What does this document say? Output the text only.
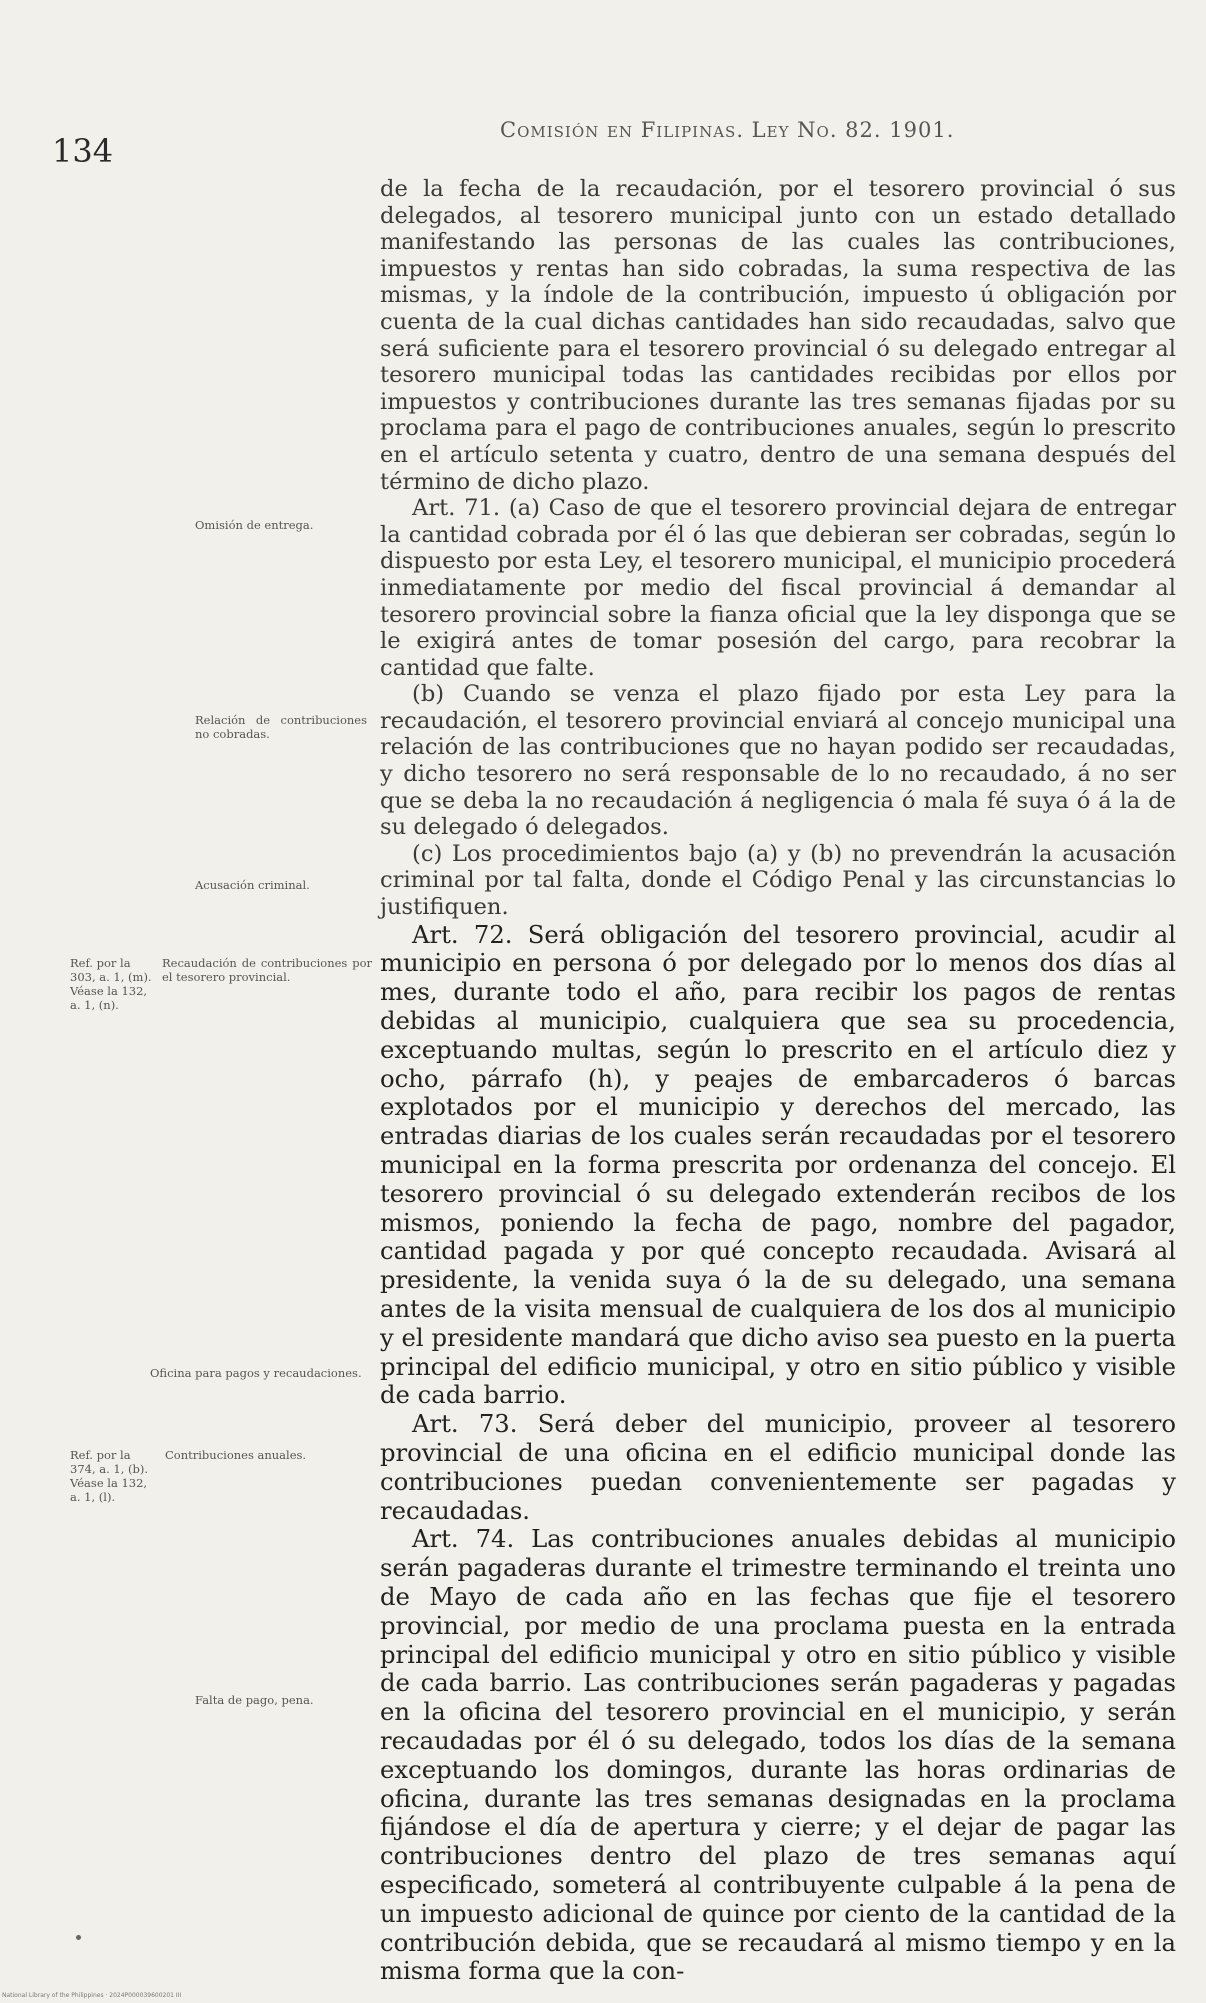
134
Comisión en Filipinas. Ley No. 82. 1901.

de la fecha de la recaudación, por el tesorero provincial ó sus delegados, al tesorero municipal junto con un estado detallado manifestando las personas de las cuales las contribuciones, impuestos y rentas han sido cobradas, la suma respectiva de las mismas, y la índole de la contribución, impuesto ú obligación por cuenta de la cual dichas cantidades han sido recaudadas, salvo que será suficiente para el tesorero provincial ó su delegado entregar al tesorero municipal todas las cantidades recibidas por ellos por impuestos y contribuciones durante las tres semanas fijadas por su proclama para el pago de contribuciones anuales, según lo prescrito en el artículo setenta y cuatro, dentro de una semana después del término de dicho plazo.

Art. 71. (a) Caso de que el tesorero provincial dejara de entregar la cantidad cobrada por él ó las que debieran ser cobradas, según lo dispuesto por esta Ley, el tesorero municipal, el municipio procederá inmediatamente por medio del fiscal provincial á demandar al tesorero provincial sobre la fianza oficial que la ley disponga que se le exigirá antes de tomar posesión del cargo, para recobrar la cantidad que falte.

(b) Cuando se venza el plazo fijado por esta Ley para la recaudación, el tesorero provincial enviará al concejo municipal una relación de las contribuciones que no hayan podido ser recaudadas, y dicho tesorero no será responsable de lo no recaudado, á no ser que se deba la no recaudación á negligencia ó mala fé suya ó á la de su delegado ó delegados.

(c) Los procedimientos bajo (a) y (b) no prevendrán la acusación criminal por tal falta, donde el Código Penal y las circunstancias lo justifiquen.

Art. 72. Será obligación del tesorero provincial, acudir al municipio en persona ó por delegado por lo menos dos días al mes, durante todo el año, para recibir los pagos de rentas debidas al municipio, cualquiera que sea su procedencia, exceptuando multas, según lo prescrito en el artículo diez y ocho, párrafo (h), y peajes de embarcaderos ó barcas explotados por el municipio y derechos del mercado, las entradas diarias de los cuales serán recaudadas por el tesorero municipal en la forma prescrita por ordenanza del concejo. El tesorero provincial ó su delegado extenderán recibos de los mismos, poniendo la fecha de pago, nombre del pagador, cantidad pagada y por qué concepto recaudada. Avisará al presidente, la venida suya ó la de su delegado, una semana antes de la visita mensual de cualquiera de los dos al municipio y el presidente mandará que dicho aviso sea puesto en la puerta principal del edificio municipal, y otro en sitio público y visible de cada barrio.

Art. 73. Será deber del municipio, proveer al tesorero provincial de una oficina en el edificio municipal donde las contribuciones puedan convenientemente ser pagadas y recaudadas.

Art. 74. Las contribuciones anuales debidas al municipio serán pagaderas durante el trimestre terminando el treinta uno de Mayo de cada año en las fechas que fije el tesorero provincial, por medio de una proclama puesta en la entrada principal del edificio municipal y otro en sitio público y visible de cada barrio. Las contribuciones serán pagaderas y pagadas en la oficina del tesorero provincial en el municipio, y serán recaudadas por él ó su delegado, todos los días de la semana exceptuando los domingos, durante las horas ordinarias de oficina, durante las tres semanas designadas en la proclama fijándose el día de apertura y cierre; y el dejar de pagar las contribuciones dentro del plazo de tres semanas aquí especificado, someterá al contribuyente culpable á la pena de un impuesto adicional de quince por ciento de la cantidad de la contribución debida, que se recaudará al mismo tiempo y en la misma forma que la con-

Omisión de entrega.
Relación de contribuciones no cobradas.
Acusación criminal.
Recaudación de contribuciones por el tesorero provincial.
Ref. por la 303, a. 1, (m). Véase la 132, a. 1, (n).
Oficina para pagos y recaudaciones.
Contribuciones anuales.
Ref. por la 374, a. 1, (b). Véase la 132, a. 1, (l).
Falta de pago, pena.
National Library of the Philippines · 2024P000039600201 III
